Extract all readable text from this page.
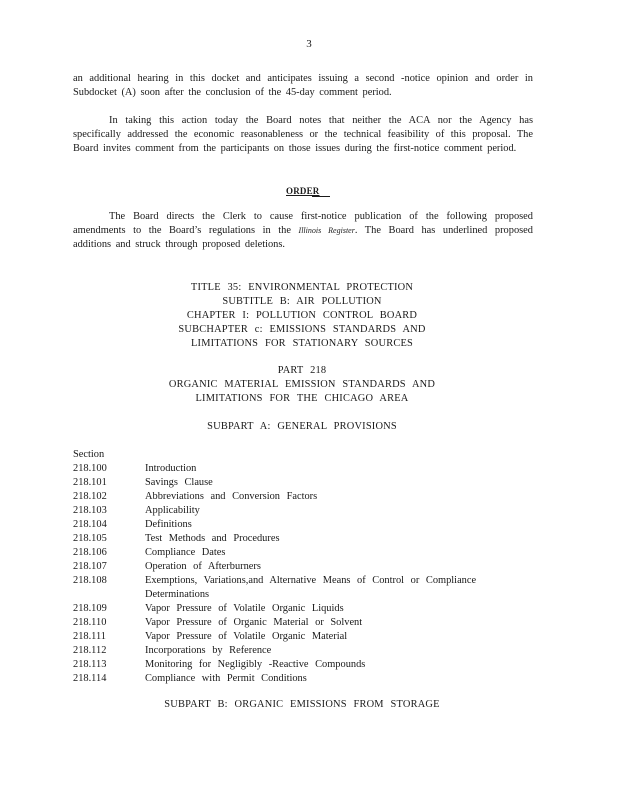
3
an additional hearing in this docket and anticipates issuing a second -notice opinion and order in Subdocket (A) soon after the conclusion of the 45-day comment period.
In taking this action today the Board notes that neither the ACA nor the Agency has specifically addressed the economic reasonableness or the technical feasibility of this proposal. The Board invites comment from the participants on those issues during the first-notice comment period.
ORDER
The Board directs the Clerk to cause first-notice publication of the following proposed amendments to the Board’s regulations in the Illinois Register. The Board has underlined proposed additions and struck through proposed deletions.
TITLE 35: ENVIRONMENTAL PROTECTION
SUBTITLE B: AIR POLLUTION
CHAPTER I: POLLUTION CONTROL BOARD
SUBCHAPTER c: EMISSIONS STANDARDS AND
LIMITATIONS FOR STATIONARY SOURCES
PART 218
ORGANIC MATERIAL EMISSION STANDARDS AND
LIMITATIONS FOR THE CHICAGO AREA
SUBPART A: GENERAL PROVISIONS
Section
218.100	Introduction
218.101	Savings Clause
218.102	Abbreviations and Conversion Factors
218.103	Applicability
218.104	Definitions
218.105	Test Methods and Procedures
218.106	Compliance Dates
218.107	Operation of Afterburners
218.108	Exemptions, Variations,and Alternative Means of Control or Compliance Determinations
218.109	Vapor Pressure of Volatile Organic Liquids
218.110	Vapor Pressure of Organic Material or Solvent
218.111	Vapor Pressure of Volatile Organic Material
218.112	Incorporations by Reference
218.113	Monitoring for Negligibly -Reactive Compounds
218.114	Compliance with Permit Conditions
SUBPART B: ORGANIC EMISSIONS FROM STORAGE
